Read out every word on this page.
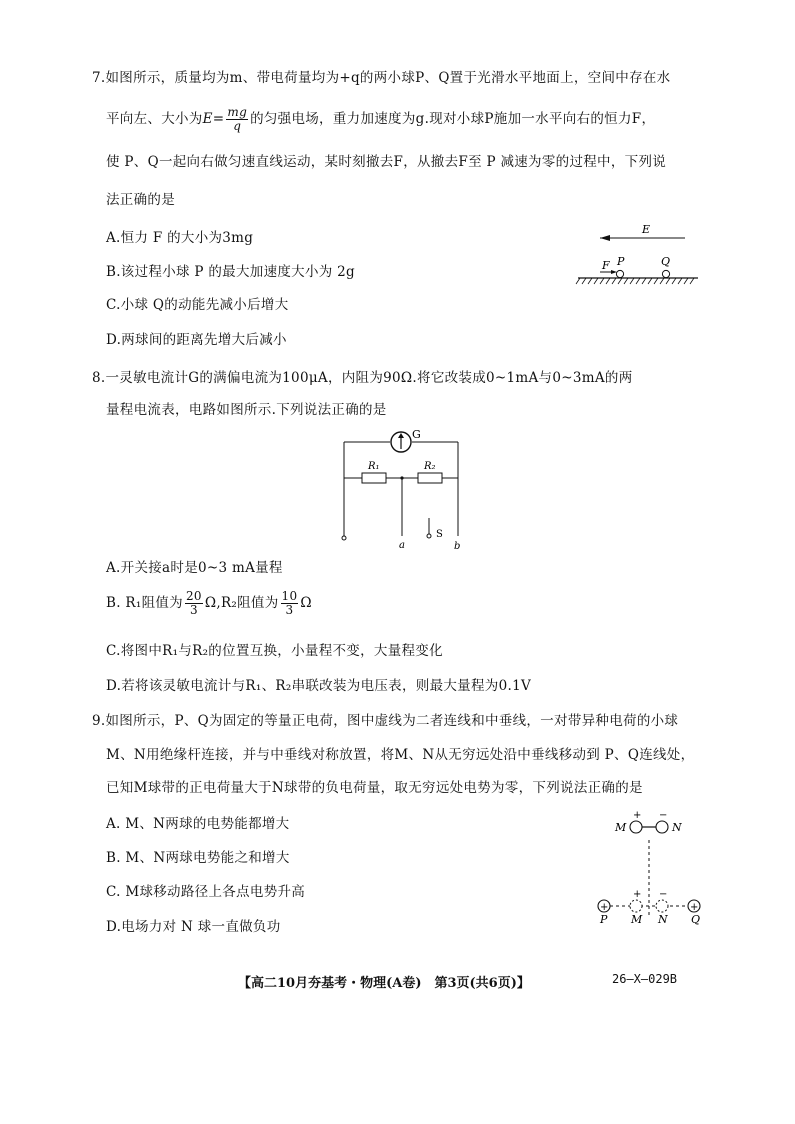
7.如图所示，质量均为m、带电荷量均为+q的两小球P、Q置于光滑水平地面上，空间中存在水
平向左、大小为$E= \frac{mg}{q}$ 的匀强电场，重力加速度为g.现对小球P施加一水平向右的恒力F，
使 P、Q一起向右做匀速直线运动，某时刻撤去F，从撤去F至 P 减速为零的过程中，下列说
法正确的是
A.恒力 F 的大小为3mg
B.该过程小球 P 的最大加速度大小为 2g
C.小球 Q的动能先减小后增大
D.两球间的距离先增大后减小
E
F P	Q
8.一灵敏电流计G的满偏电流为100μA，内阻为90Ω.将它改装成0~1mA与0~3mA的两
量程电流表，电路如图所示.下列说法正确的是
G
R₁	R₂
a
S
b
A.开关接a时是0~3 mA量程
B. R₁阻值为 $\frac{20}{3} \Omega,R_2$阻值为 $\frac{10}{3}$ Ω
C.将图中R₁与R₂的位置互换，小量程不变，大量程变化
D.若将该灵敏电流计与R₁、R₂串联改装为电压表，则最大量程为0.1V
9.如图所示，P、Q为固定的等量正电荷，图中虚线为二者连线和中垂线，一对带异种电荷的小球
M、N用绝缘杆连接，并与中垂线对称放置，将M、N从无穷远处沿中垂线移动到 P、Q连线处，
已知M球带的正电荷量大于N球带的负电荷量，取无穷远处电势为零，下列说法正确的是
A. M、N两球的电势能都增大
B. M、N两球电势能之和增大
C. M球移动路径上各点电势升高
D.电场力对 N 球一直做负功
+ −
M	N
+
P
+
Q
+ −
M N
【高二10月夯基考・物理(A卷)　第3页(共6页)】	26—X—029B
